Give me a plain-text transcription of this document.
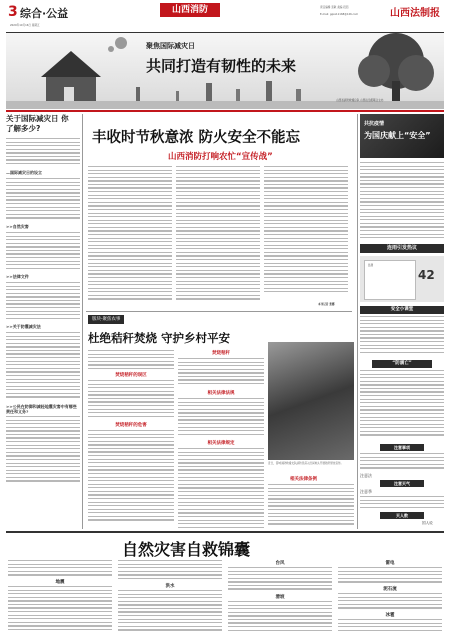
3 综合·公益
2020年10月16日 星期五
山西消防	责任编辑 张敏 美编 段茹
E-mail: gqsx11168@126.com	山西法制报
聚焦国际减灾日
共同打造有韧性的未来
山西省消防救援总队 山西法治报联合主办
关于国际减灾日 你了解多少?
—国际减灾日的设立
>>自然灾害
>>法律文件
>>关于防震减灾法
>>公民在防御和减轻地震灾害中有哪些责任和义务?
丰收时节秋意浓 防火安全不能忘
山西消防打响农忙“宣传战”
本刊记者 张娜
共抗疫情
为国庆献上“安全”
连雨引发热议
监测
42
安全小课堂
“防溺亡”
注意事项
注意法
注意天气
注意季
天人数
国人说
版块·聚焦农事
杜绝秸秆焚烧 守护乡村平安
焚烧秸秆的误区
焚烧秸秆的危害
焚烧秸秆
相关法律法规
相关法律规定
近日，晋城消防救援支队消防员深入田间地头开展秸秆禁烧宣传。
相关法律条例
自然灾害自救锦囊
地震
洪水
台风
滑坡
雷电
泥石流
冰雹
